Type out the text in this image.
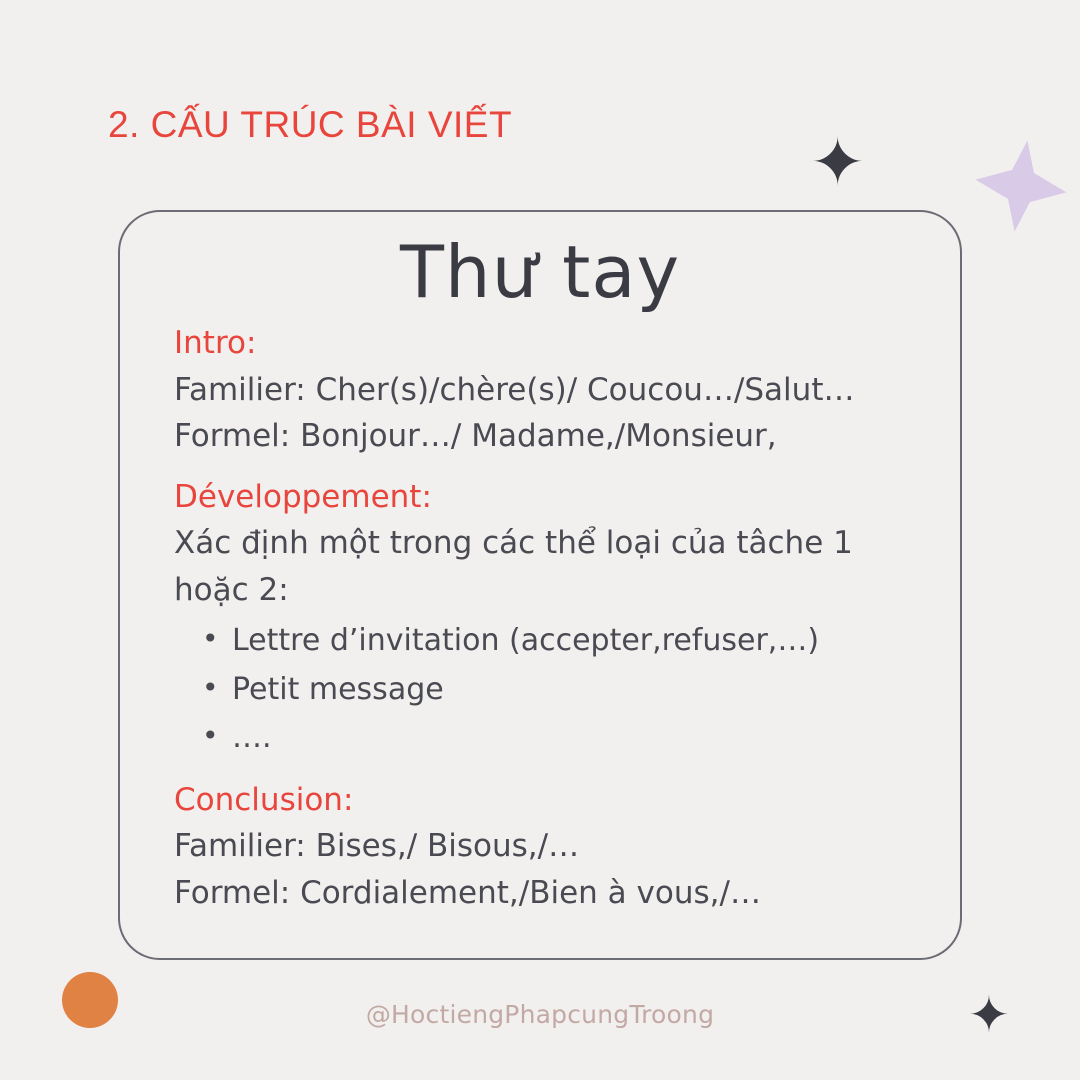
2. CẤU TRÚC BÀI VIẾT	✦
✦
Thư tay
Intro:
Familier: Cher(s)/chère(s)/ Coucou…/Salut…
Formel: Bonjour…/ Madame,/Monsieur,
Développement:
Xác định một trong các thể loại của tâche 1
hoặc 2:
• Lettre d’invitation (accepter,refuser,…)
• Petit message
• ….
Conclusion:
Familier: Bises,/ Bisous,/…
Formel: Cordialement,/Bien à vous,/…
@HoctiengPhapcungTroong
